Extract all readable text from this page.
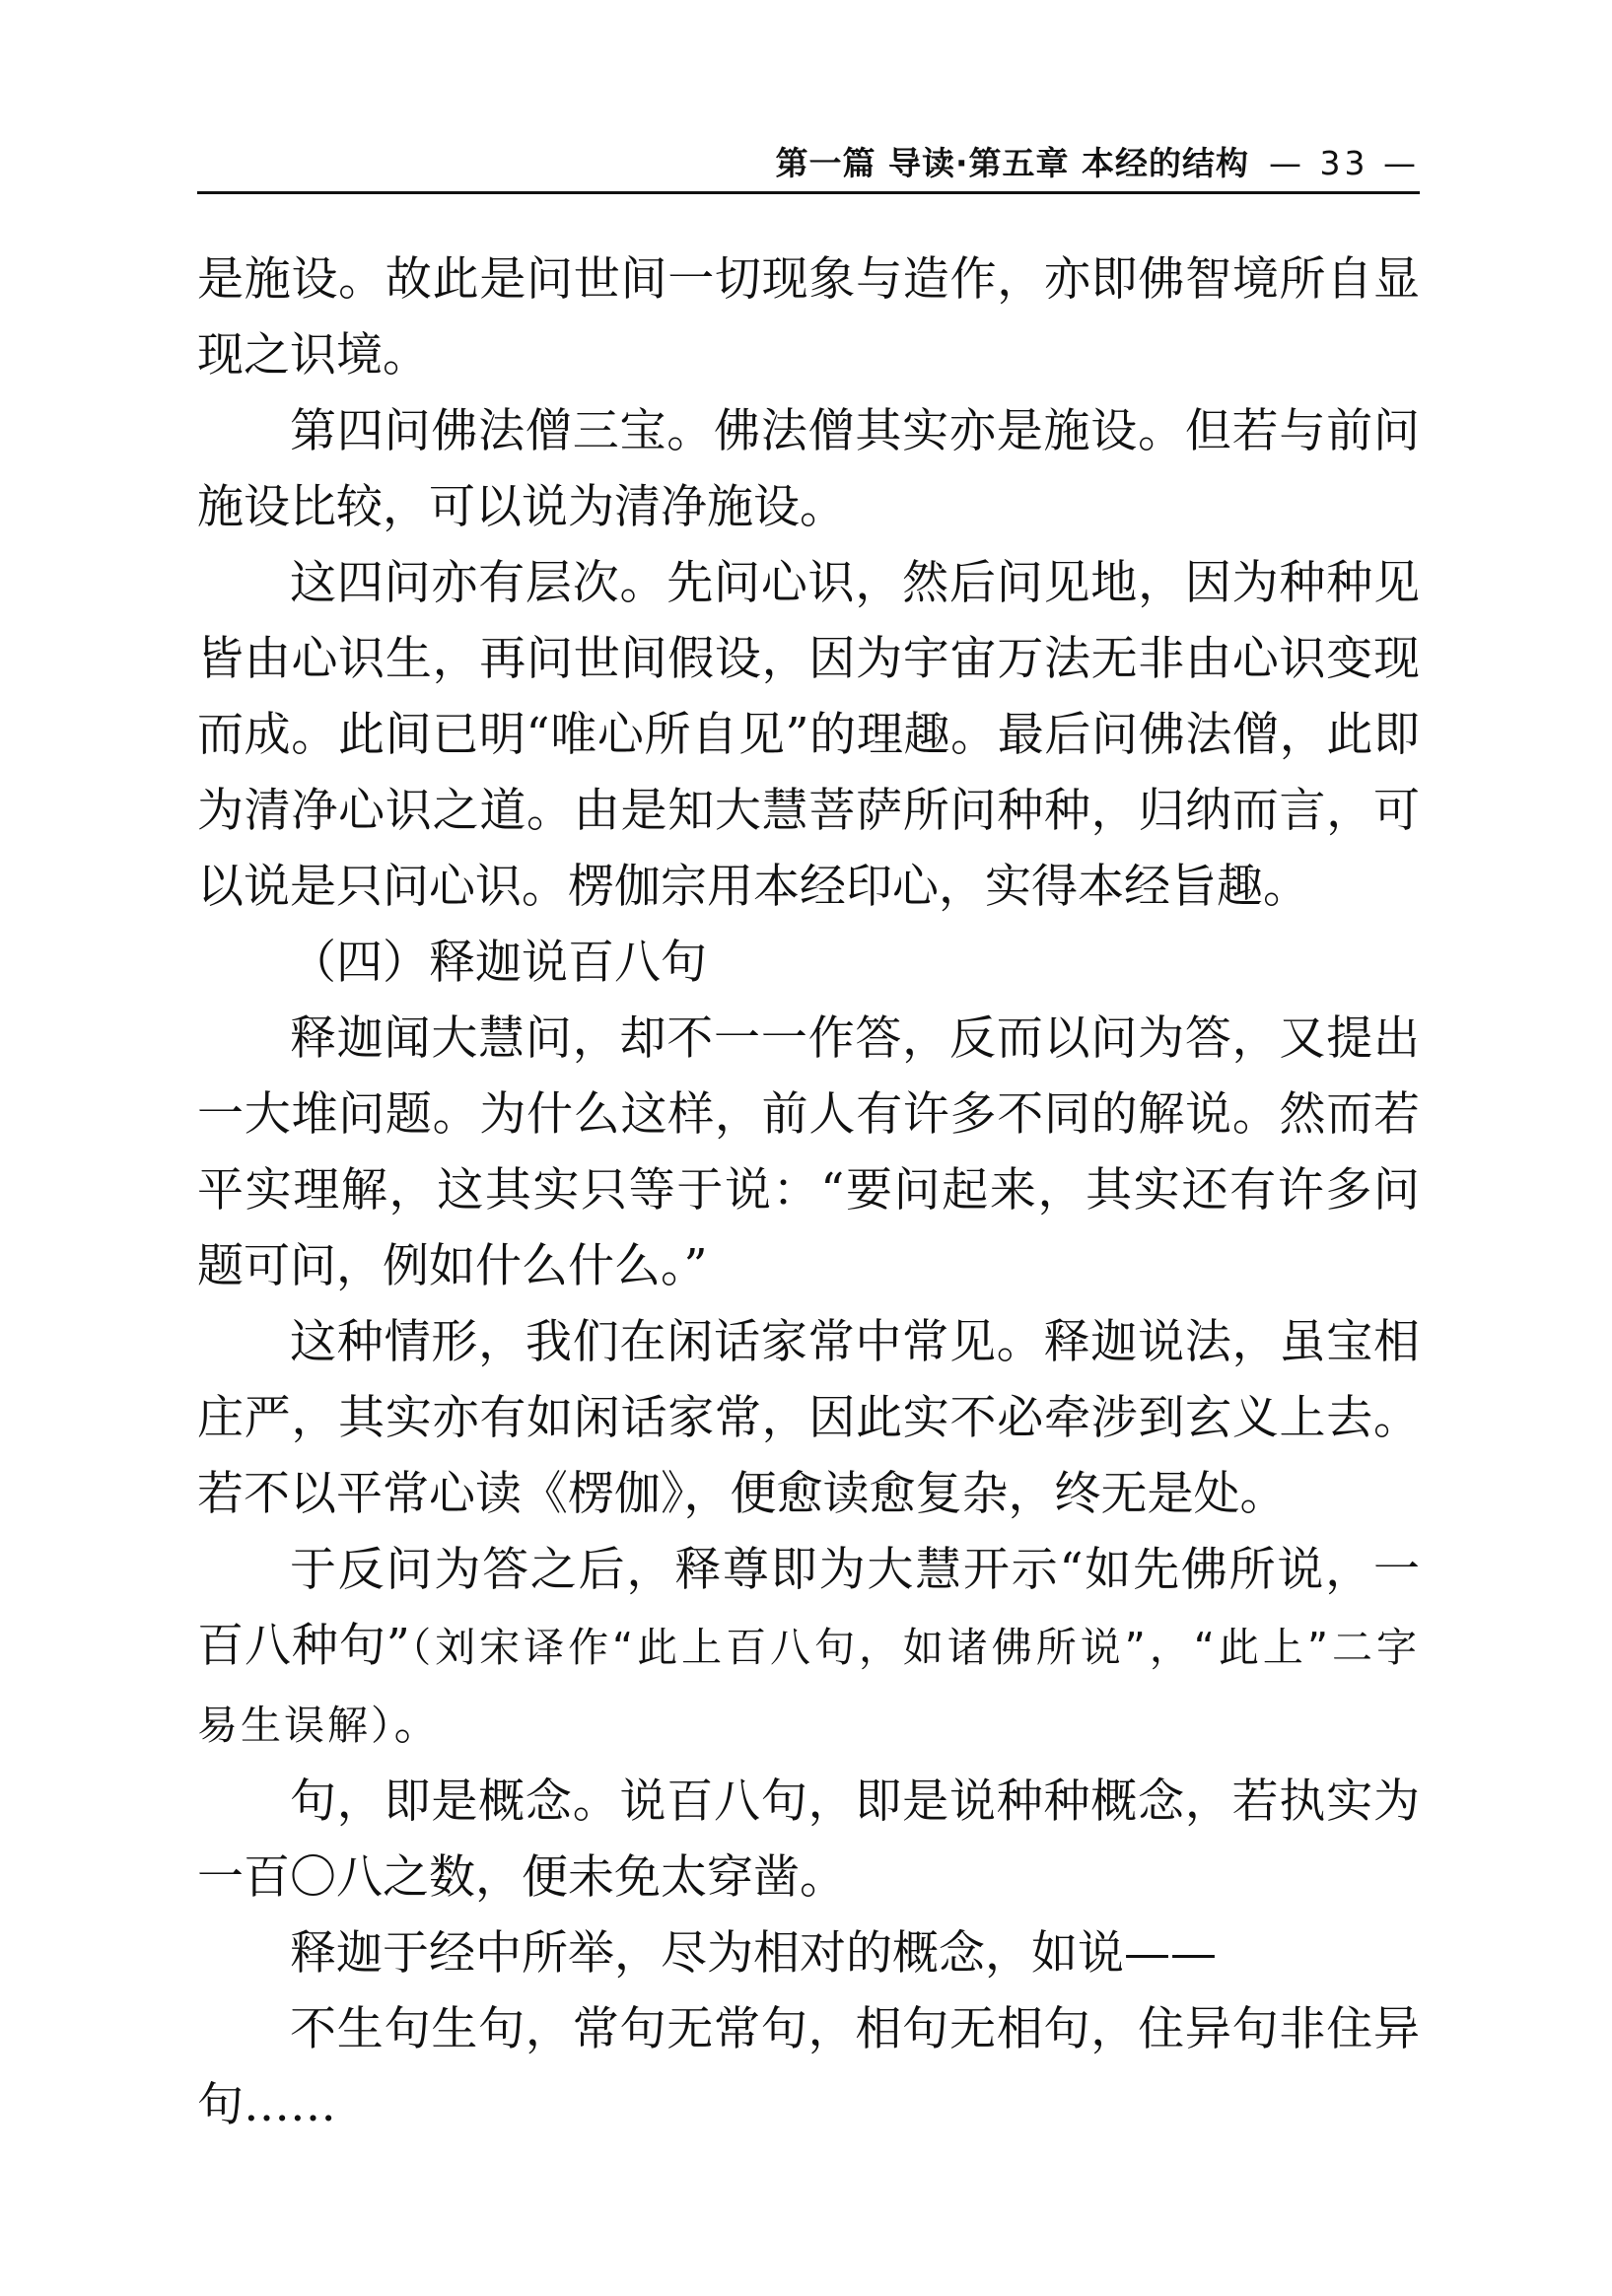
第一篇 导读·第五章 本经的结构 — 33 —

是施设。故此是问世间一切现象与造作，亦即佛智境所自显现之识境。

第四问佛法僧三宝。佛法僧其实亦是施设。但若与前问施设比较，可以说为清净施设。

这四问亦有层次。先问心识，然后问见地，因为种种见皆由心识生，再问世间假设，因为宇宙万法无非由心识变现而成。此间已明“唯心所自见”的理趣。最后问佛法僧，此即为清净心识之道。由是知大慧菩萨所问种种，归纳而言，可以说是只问心识。楞伽宗用本经印心，实得本经旨趣。

（四）释迦说百八句

释迦闻大慧问，却不一一作答，反而以问为答，又提出一大堆问题。为什么这样，前人有许多不同的解说。然而若平实理解，这其实只等于说：“要问起来，其实还有许多问题可问，例如什么什么。”

这种情形，我们在闲话家常中常见。释迦说法，虽宝相庄严，其实亦有如闲话家常，因此实不必牵涉到玄义上去。若不以平常心读《楞伽》，便愈读愈复杂，终无是处。

于反问为答之后，释尊即为大慧开示“如先佛所说，一百八种句”（刘宋译作“此上百八句，如诸佛所说”，“此上”二字易生误解）。

句，即是概念。说百八句，即是说种种概念，若执实为一百〇八之数，便未免太穿凿。

释迦于经中所举，尽为相对的概念，如说——

不生句生句，常句无常句，相句无相句，住异句非住异句……
